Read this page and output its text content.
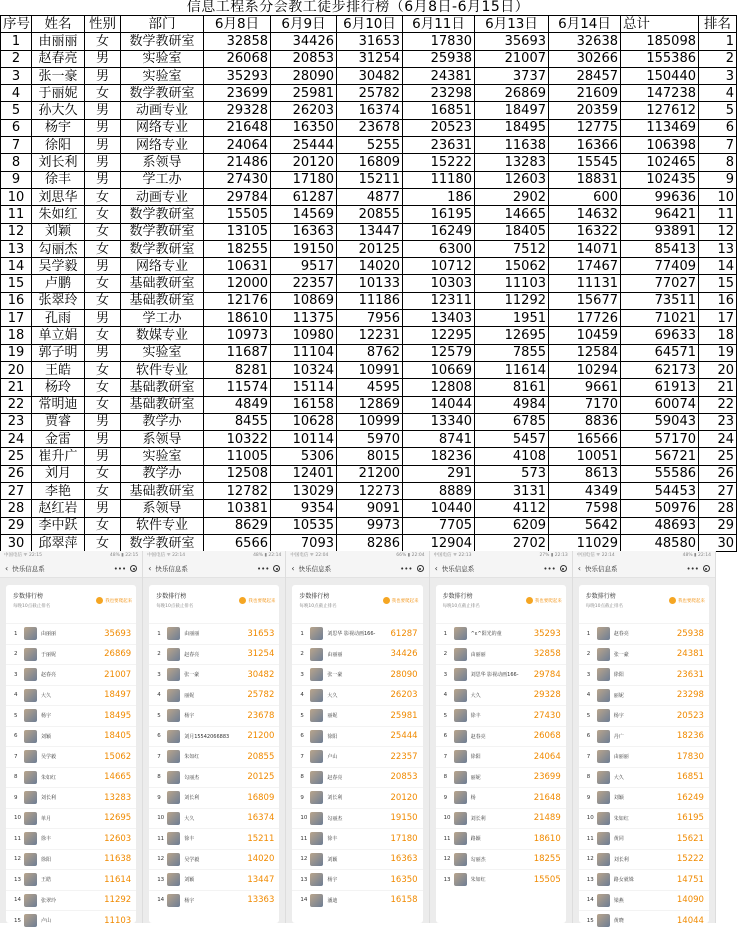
信息工程系分会教工徒步排行榜（6月8日-6月15日）
序号	姓名	性别	部门	6月8日	6月9日	6月10日	6月11日	6月13日	6月14日	总计	排名
1	由丽丽	女	数学教研室	32858	34426	31653	17830	35693	32638	185098	1
2	赵春亮	男	实验室	26068	20853	31254	25938	21007	30266	155386	2
3	张一豪	男	实验室	35293	28090	30482	24381	3737	28457	150440	3
4	于丽妮	女	数学教研室	23699	25981	25782	23298	26869	21609	147238	4
5	孙大久	男	动画专业	29328	26203	16374	16851	18497	20359	127612	5
6	杨宇	男	网络专业	21648	16350	23678	20523	18495	12775	113469	6
7	徐阳	男	网络专业	24064	25444	5255	23631	11638	16366	106398	7
8	刘长利	男	系领导	21486	20120	16809	15222	13283	15545	102465	8
9	徐丰	男	学工办	27430	17180	15211	11180	12603	18831	102435	9
10	刘思华	女	动画专业	29784	61287	4877	186	2902	600	99636	10
11	朱如红	女	数学教研室	15505	14569	20855	16195	14665	14632	96421	11
12	刘颖	女	数学教研室	13105	16363	13447	16249	18405	16322	93891	12
13	勾丽杰	女	数学教研室	18255	19150	20125	6300	7512	14071	85413	13
14	吴学毅	男	网络专业	10631	9517	14020	10712	15062	17467	77409	14
15	卢鹏	女	基础教研室	12000	22357	10133	10303	11103	11131	77027	15
16	张翠玲	女	基础教研室	12176	10869	11186	12311	11292	15677	73511	16
17	孔雨	男	学工办	18610	11375	7956	13403	1951	17726	71021	17
18	单立娟	女	数媒专业	10973	10980	12231	12295	12695	10459	69633	18
19	郭子明	男	实验室	11687	11104	8762	12579	7855	12584	64571	19
20	王皓	女	软件专业	8281	10324	10991	10669	11614	10294	62173	20
21	杨玲	女	基础教研室	11574	15114	4595	12808	8161	9661	61913	21
22	常明迪	女	基础教研室	4849	16158	12869	14044	4984	7170	60074	22
23	贾睿	男	教学办	8455	10628	10999	13340	6785	8836	59043	23
24	金雷	男	系领导	10322	10114	5970	8741	5457	16566	57170	24
25	崔升广	男	实验室	11005	5306	8015	18236	4108	10051	56721	25
26	刘月	女	教学办	12508	12401	21200	291	573	8613	55586	26
27	李艳	女	基础教研室	12782	13029	12273	8889	3131	4349	54453	27
28	赵红岩	男	系领导	10381	9354	9091	10440	4112	7598	50976	28
29	李中跃	女	软件专业	8629	10535	9973	7705	6209	5642	48693	29
30	邱翠萍	女	数学教研室	6566	7093	8286	12904	2702	11029	48580	30
中国电信 ᯤ 22:15	48% ▮ 22:15
‹ 快乐信息系	•••
步数排行榜
每晚10点截止排名
我也要爬起来
1	由丽丽	35693
2	于丽妮	26869
3	赵春亮	21007
4	大久	18497
5	杨宇	18495
6	刘颖	18405
7	吴学毅	15062
8	朱如红	14665
9	刘长利	13283
10	单月	12695
11	徐丰	12603
12	徐阳	11638
13	王皓	11614
14	张翠玲	11292
15	卢山	11103
中国电信 ᯤ 22:14	48% ▮ 22:14
‹ 快乐信息系	•••
步数排行榜
每晚10点截止排名
我也要爬起来
1	由丽丽	31653
2	赵春亮	31254
3	张一豪	30482
4	丽妮	25782
5	杨宇	23678
6	刘月15542066883	21200
7	朱如红	20855
8	勾丽杰	20125
9	刘长利	16809
10	大久	16374
11	徐丰	15211
12	吴学毅	14020
13	刘颖	13447
14	杨宇	13363
中国电信 ᯤ 22:04	66% ▮ 22:04
‹ 快乐信息系	•••
步数排行榜
每晚10点截止排名
我也要爬起来
1	刘思华 影视动画166-	61287
2	由丽丽	34426
3	张一豪	28090
4	大久	26203
5	丽妮	25981
6	徐阳	25444
7	卢山	22357
8	赵春亮	20853
9	刘长利	20120
10	勾丽杰	19150
11	徐丰	17180
12	刘颖	16363
13	杨宇	16350
14	潘迪	16158
中国电信 ᯤ 22:13	27% ▮ 22:13
‹ 快乐信息系	•••
步数排行榜
每晚10点截止排名
我也要爬起来
1	^ε^阳光的童	35293
2	由丽丽	32858
3	刘思华 影视动画166-	29784
4	大久	29328
5	徐丰	27430
6	赵春亮	26068
7	徐阳	24064
8	丽妮	23699
9	杨	21648
10	刘长利	21489
11	路颖	18610
12	勾丽杰	18255
13	朱如红	15505
中国电信 ᯤ 22:14	48% ▮ 22:14
‹ 快乐信息系	•••
步数排行榜
每晚10点截止排名
我也要爬起来
1	赵春亮	25938
2	张一豪	24381
3	徐阳	23631
4	丽妮	23298
5	杨宇	20523
6	丹广	18236
7	由丽丽	17830
8	大久	16851
9	刘颖	16249
10	朱如红	16195
11	黄同	15621
12	刘长利	15222
13	路女就姝	14751
14	梁燕	14090
15	黄晓	14044
